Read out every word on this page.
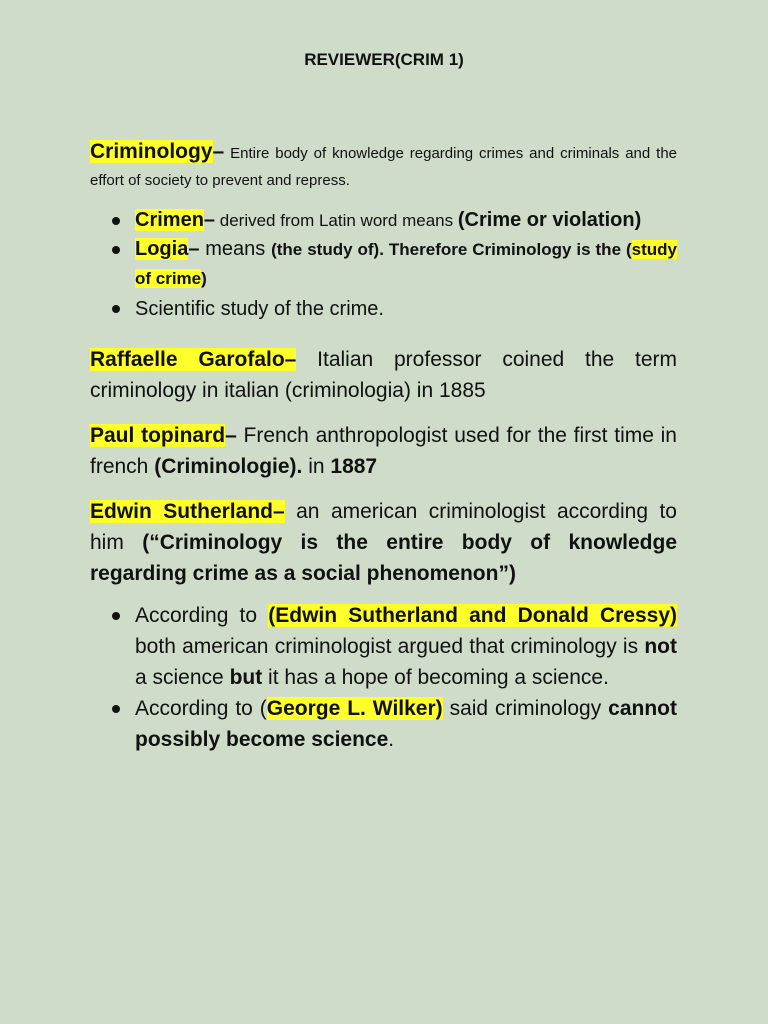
REVIEWER(CRIM 1)
Criminology– Entire body of knowledge regarding crimes and criminals and the effort of society to prevent and repress.
Crimen– derived from Latin word means (Crime or violation)
Logia– means (the study of). Therefore Criminology is the (study of crime)
Scientific study of the crime.
Raffaelle Garofalo– Italian professor coined the term criminology in italian (criminologia) in 1885
Paul topinard– French anthropologist used for the first time in french (Criminologie). in 1887
Edwin Sutherland– an american criminologist according to him (“Criminology is the entire body of knowledge regarding crime as a social phenomenon”)
According to (Edwin Sutherland and Donald Cressy) both american criminologist argued that criminology is not a science but it has a hope of becoming a science.
According to (George L. Wilker) said criminology cannot possibly become science.
